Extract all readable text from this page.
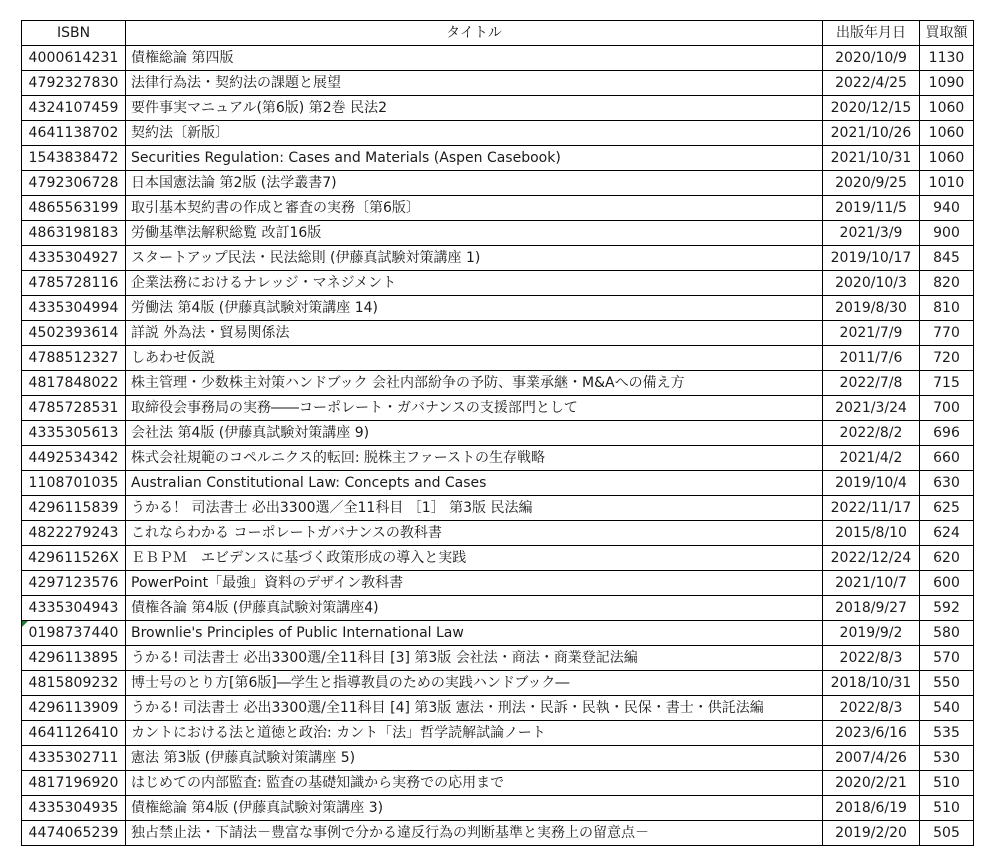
ISBN	タイトル	出版年月日	買取額
4000614231	債権総論 第四版	2020/10/9	1130
4792327830	法律行為法・契約法の課題と展望	2022/4/25	1090
4324107459	要件事実マニュアル(第6版) 第2巻 民法2	2020/12/15	1060
4641138702	契約法〔新版〕	2021/10/26	1060
1543838472	Securities Regulation: Cases and Materials (Aspen Casebook)	2021/10/31	1060
4792306728	日本国憲法論 第2版 (法学叢書7)	2020/9/25	1010
4865563199	取引基本契約書の作成と審査の実務〔第6版〕	2019/11/5	940
4863198183	労働基準法解釈総覧 改訂16版	2021/3/9	900
4335304927	スタートアップ民法・民法総則 (伊藤真試験対策講座 1)	2019/10/17	845
4785728116	企業法務におけるナレッジ・マネジメント	2020/10/3	820
4335304994	労働法 第4版 (伊藤真試験対策講座 14)	2019/8/30	810
4502393614	詳説 外為法・貿易関係法	2021/7/9	770
4788512327	しあわせ仮説	2011/7/6	720
4817848022	株主管理・少数株主対策ハンドブック 会社内部紛争の予防、事業承継・M&Aへの備え方	2022/7/8	715
4785728531	取締役会事務局の実務――コーポレート・ガバナンスの支援部門として	2021/3/24	700
4335305613	会社法 第4版 (伊藤真試験対策講座 9)	2022/8/2	696
4492534342	株式会社規範のコペルニクス的転回: 脱株主ファーストの生存戦略	2021/4/2	660
1108701035	Australian Constitutional Law: Concepts and Cases	2019/10/4	630
4296115839	うかる！ 司法書士 必出3300選／全11科目 ［1］ 第3版 民法編	2022/11/17	625
4822279243	これならわかる コーポレートガバナンスの教科書	2015/8/10	624
429611526X	ＥＢＰＭ　エビデンスに基づく政策形成の導入と実践	2022/12/24	620
4297123576	PowerPoint「最強」資料のデザイン教科書	2021/10/7	600
4335304943	債権各論 第4版 (伊藤真試験対策講座4)	2018/9/27	592
0198737440	Brownlie's Principles of Public International Law	2019/9/2	580
4296113895	うかる! 司法書士 必出3300選/全11科目 [3] 第3版 会社法・商法・商業登記法編	2022/8/3	570
4815809232	博士号のとり方[第6版]―学生と指導教員のための実践ハンドブック―	2018/10/31	550
4296113909	うかる! 司法書士 必出3300選/全11科目 [4] 第3版 憲法・刑法・民訴・民執・民保・書士・供託法編	2022/8/3	540
4641126410	カントにおける法と道徳と政治: カント「法」哲学読解試論ノート	2023/6/16	535
4335302711	憲法 第3版 (伊藤真試験対策講座 5)	2007/4/26	530
4817196920	はじめての内部監査: 監査の基礎知識から実務での応用まで	2020/2/21	510
4335304935	債権総論 第4版 (伊藤真試験対策講座 3)	2018/6/19	510
4474065239	独占禁止法・下請法－豊富な事例で分かる違反行為の判断基準と実務上の留意点－	2019/2/20	505
